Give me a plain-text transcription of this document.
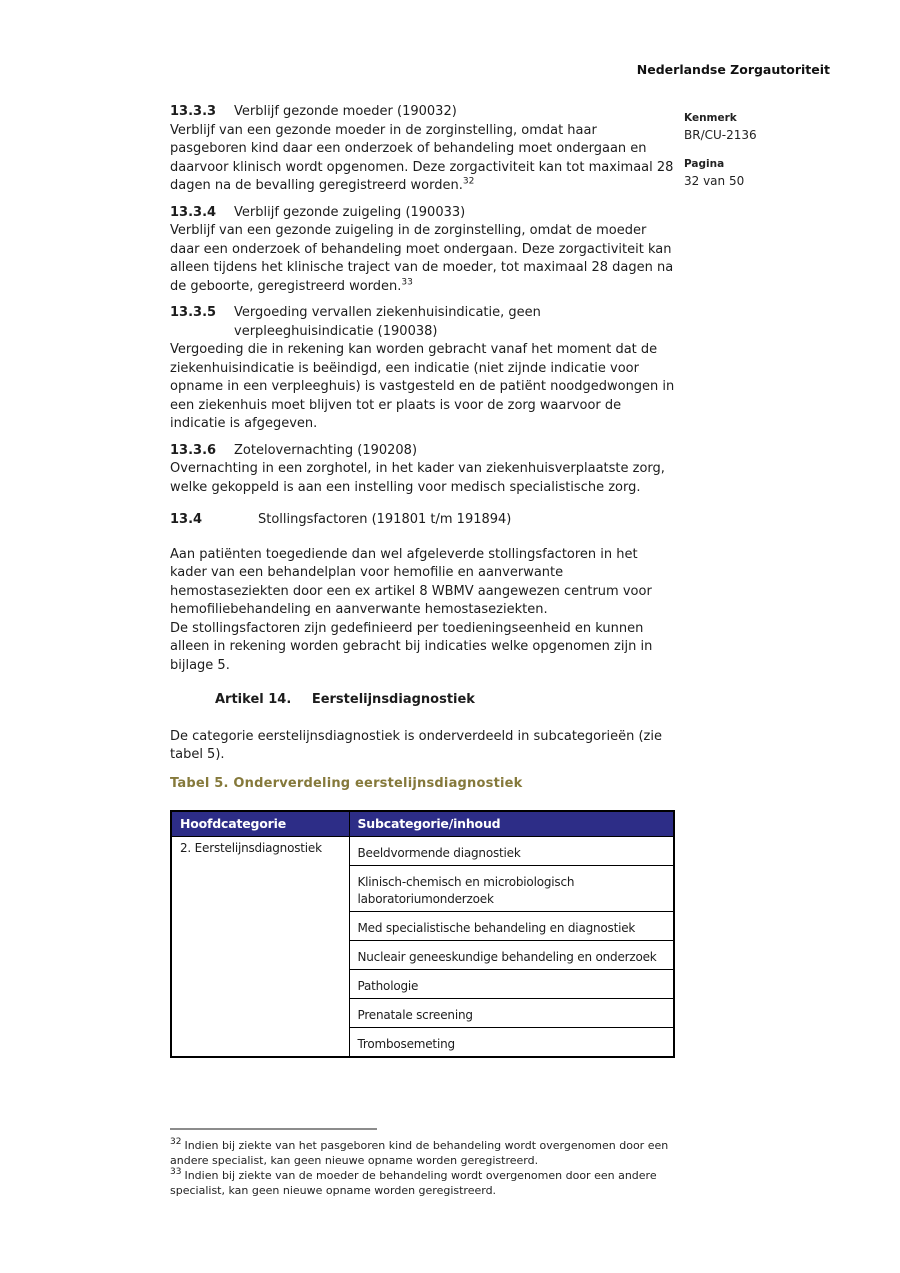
Nederlandse Zorgautoriteit
Kenmerk
BR/CU-2136
Pagina
32 van 50
13.3.3	Verblijf gezonde moeder (190032)

Verblijf van een gezonde moeder in de zorginstelling, omdat haar pasgeboren kind daar een onderzoek of behandeling moet ondergaan en daarvoor klinisch wordt opgenomen. Deze zorgactiviteit kan tot maximaal 28 dagen na de bevalling geregistreerd worden.$^{32}$

13.3.4	Verblijf gezonde zuigeling (190033)

Verblijf van een gezonde zuigeling in de zorginstelling, omdat de moeder daar een onderzoek of behandeling moet ondergaan. Deze zorgactiviteit kan alleen tijdens het klinische traject van de moeder, tot maximaal 28 dagen na de geboorte, geregistreerd worden.$^{33}$

13.3.5	Vergoeding vervallen ziekenhuisindicatie, geen verpleeghuisindicatie (190038)

Vergoeding die in rekening kan worden gebracht vanaf het moment dat de ziekenhuisindicatie is beëindigd, een indicatie (niet zijnde indicatie voor opname in een verpleeghuis) is vastgesteld en de patiënt noodgedwongen in een ziekenhuis moet blijven tot er plaats is voor de zorg waarvoor de indicatie is afgegeven.

13.3.6	Zotelovernachting (190208)

Overnachting in een zorghotel, in het kader van ziekenhuisverplaatste zorg, welke gekoppeld is aan een instelling voor medisch specialistische zorg.

13.4	Stollingsfactoren (191801 t/m 191894)

Aan patiënten toegediende dan wel afgeleverde stollingsfactoren in het kader van een behandelplan voor hemofilie en aanverwante hemostaseziekten door een ex artikel 8 WBMV aangewezen centrum voor hemofiliebehandeling en aanverwante hemostaseziekten.
De stollingsfactoren zijn gedefinieerd per toedieningseenheid en kunnen alleen in rekening worden gebracht bij indicaties welke opgenomen zijn in bijlage 5.

Artikel 14. Eerstelijnsdiagnostiek

De categorie eerstelijnsdiagnostiek is onderverdeeld in subcategorieën (zie tabel 5).

Tabel 5. Onderverdeling eerstelijnsdiagnostiek
Hoofdcategorie	Subcategorie/inhoud
2. Eerstelijnsdiagnostiek	Beeldvormende diagnostiek
	Klinisch-chemisch en microbiologisch laboratoriumonderzoek
	Med specialistische behandeling en diagnostiek
	Nucleair geneeskundige behandeling en onderzoek
	Pathologie
	Prenatale screening
	Trombosemeting
$^{32}$ Indien bij ziekte van het pasgeboren kind de behandeling wordt overgenomen door een andere specialist, kan geen nieuwe opname worden geregistreerd.
$^{33}$ Indien bij ziekte van de moeder de behandeling wordt overgenomen door een andere specialist, kan geen nieuwe opname worden geregistreerd.
